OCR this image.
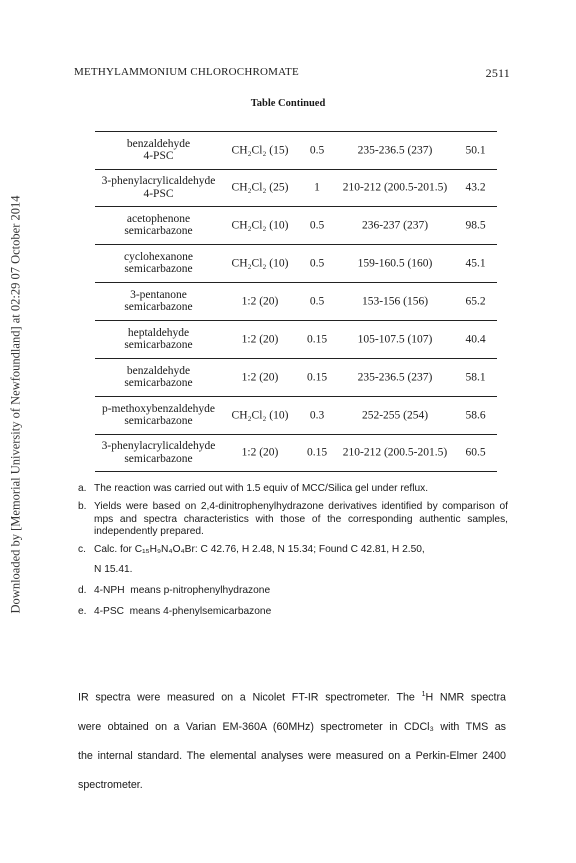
Downloaded by [Memorial University of Newfoundland] at 02:29 07 October 2014
METHYLAMMONIUM CHLOROCHROMATE	2511
Table Continued
benzaldehyde
4-PSC
CH₂Cl₂ (15)	0.5	235-236.5 (237)	50.1
3-phenylacrylicaldehyde
4-PSC
CH₂Cl₂ (25)	1	210-212 (200.5-201.5)	43.2
acetophenone
semicarbazone
CH₂Cl₂ (10)	0.5	236-237 (237)	98.5
cyclohexanone
semicarbazone
CH₂Cl₂ (10)	0.5	159-160.5 (160)	45.1
3-pentanone
semicarbazone
1:2 (20)	0.5	153-156 (156)	65.2
heptaldehyde
semicarbazone
1:2 (20)	0.15	105-107.5 (107)	40.4
benzaldehyde
semicarbazone
1:2 (20)	0.15	235-236.5 (237)	58.1
p-methoxybenzaldehyde
semicarbazone
CH₂Cl₂ (10)	0.3	252-255 (254)	58.6
3-phenylacrylicaldehyde
semicarbazone
1:2 (20)	0.15	210-212 (200.5-201.5)	60.5
a. The reaction was carried out with 1.5 equiv of MCC/Silica gel under reflux.
b. Yields were based on 2,4-dinitrophenylhydrazone derivatives identified by comparison of mps and spectra characteristics with those of the corresponding authentic samples, independently prepared.
c. Calc. for C₁₅H₉N₄O₄Br: C 42.76, H 2.48, N 15.34; Found C 42.81, H 2.50,
N 15.41.
d. 4-NPH  means p-nitrophenylhydrazone
e. 4-PSC  means 4-phenylsemicarbazone
IR spectra were measured on a Nicolet FT-IR spectrometer. The $^1$H NMR spectra
were obtained on a Varian EM-360A (60MHz) spectrometer in CDCl₃ with TMS as
the internal standard. The elemental analyses were measured on a Perkin-Elmer 2400
spectrometer.
